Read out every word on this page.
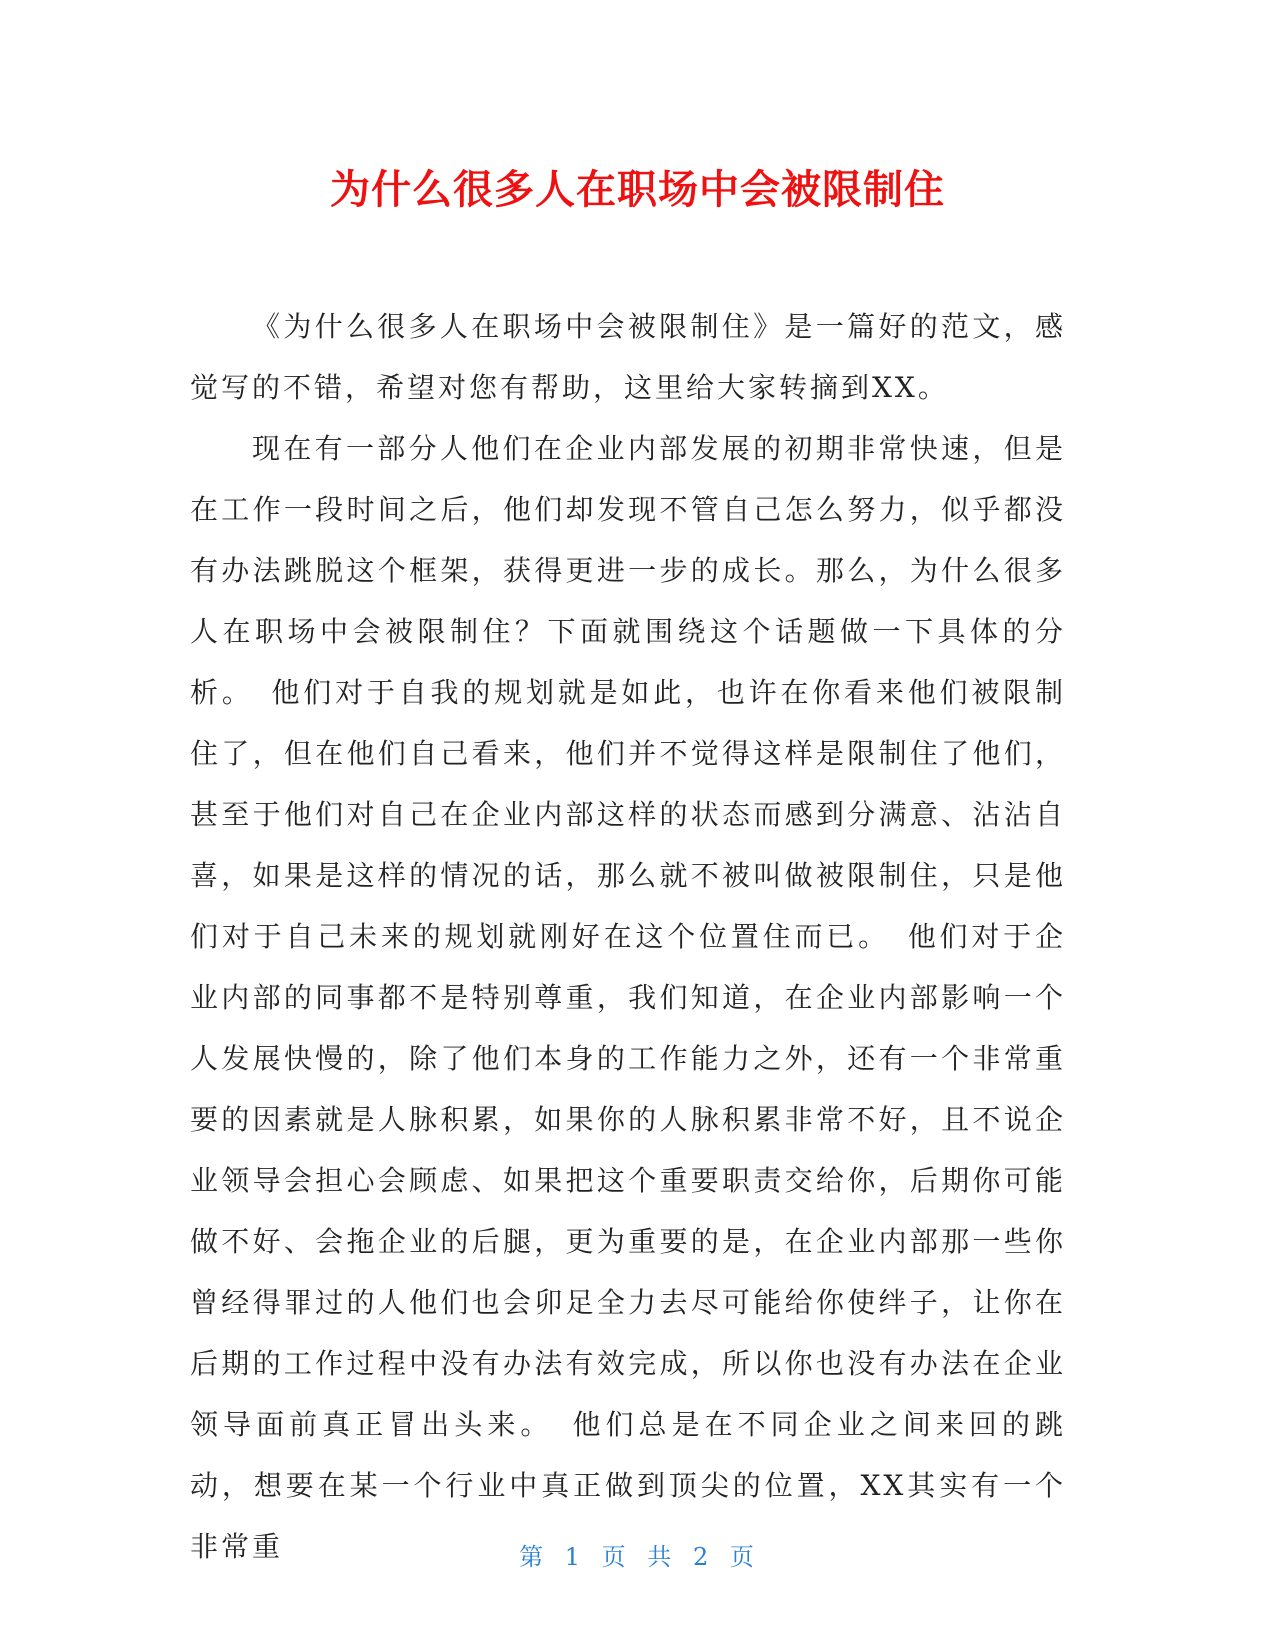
为什么很多人在职场中会被限制住

《为什么很多人在职场中会被限制住》是一篇好的范文，感觉写的不错，希望对您有帮助，这里给大家转摘到XX。

现在有一部分人他们在企业内部发展的初期非常快速，但是在工作一段时间之后，他们却发现不管自己怎么努力，似乎都没有办法跳脱这个框架，获得更进一步的成长。那么，为什么很多人在职场中会被限制住？下面就围绕这个话题做一下具体的分析。　他们对于自我的规划就是如此，也许在你看来他们被限制住了，但在他们自己看来，他们并不觉得这样是限制住了他们，甚至于他们对自己在企业内部这样的状态而感到分满意、沾沾自喜，如果是这样的情况的话，那么就不被叫做被限制住，只是他们对于自己未来的规划就刚好在这个位置住而已。　他们对于企业内部的同事都不是特别尊重，我们知道，在企业内部影响一个人发展快慢的，除了他们本身的工作能力之外，还有一个非常重要的因素就是人脉积累，如果你的人脉积累非常不好，且不说企业领导会担心会顾虑、如果把这个重要职责交给你，后期你可能做不好、会拖企业的后腿，更为重要的是，在企业内部那一些你曾经得罪过的人他们也会卯足全力去尽可能给你使绊子，让你在后期的工作过程中没有办法有效完成，所以你也没有办法在企业领导面前真正冒出头来。　他们总是在不同企业之间来回的跳动，想要在某一个行业中真正做到顶尖的位置，XX其实有一个非常重	第 1 页 共 2 页
